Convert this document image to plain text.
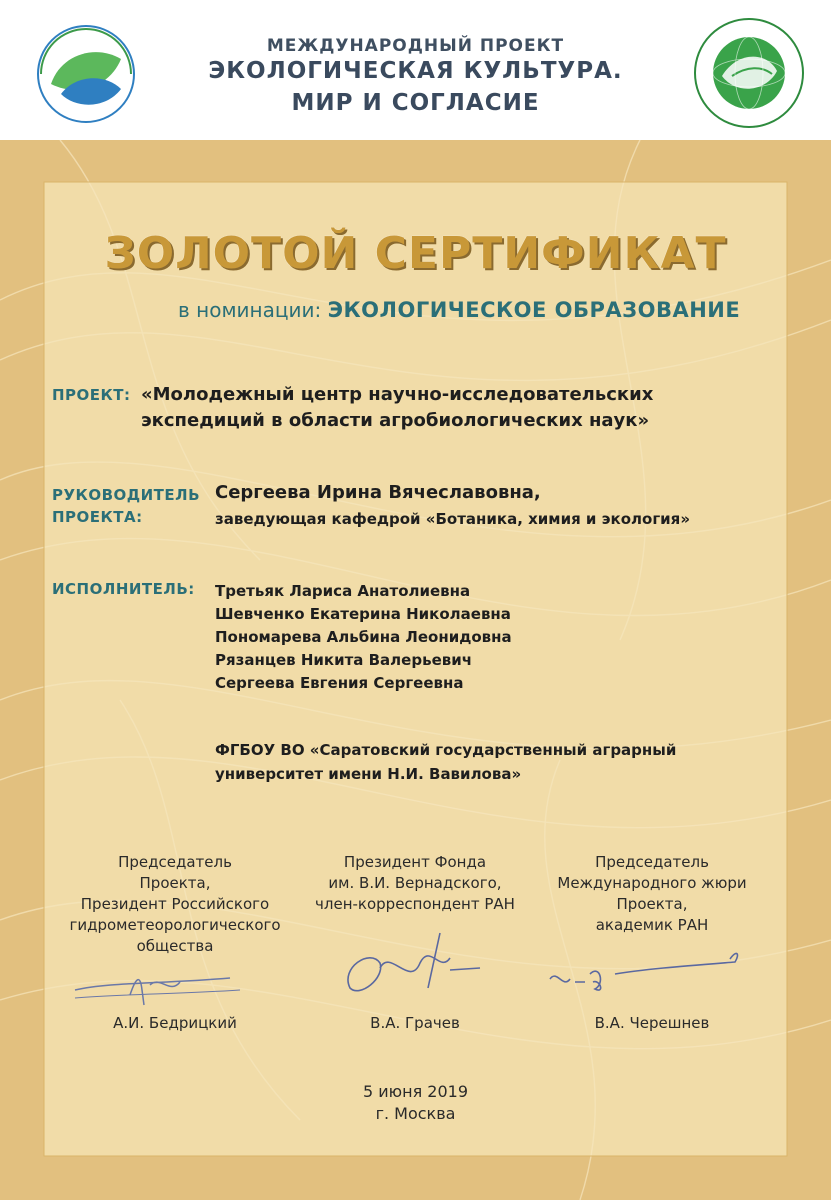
МЕЖДУНАРОДНЫЙ ПРОЕКТ
ЭКОЛОГИЧЕСКАЯ КУЛЬТУРА.
МИР И СОГЛАСИЕ
ЗОЛОТОЙ СЕРТИФИКАТ
в номинации: ЭКОЛОГИЧЕСКОЕ ОБРАЗОВАНИЕ
ПРОЕКТ: «Молодежный центр научно-исследовательских
экспедиций в области агробиологических наук»
РУКОВОДИТЕЛЬ
ПРОЕКТА:
Сергеева Ирина Вячеславовна,
заведующая кафедрой «Ботаника, химия и экология»
ИСПОЛНИТЕЛЬ: Третьяк Лариса Анатолиевна
Шевченко Екатерина Николаевна
Пономарева Альбина Леонидовна
Рязанцев Никита Валерьевич
Сергеева Евгения Сергеевна
ФГБОУ ВО «Саратовский государственный аграрный
университет имени Н.И. Вавилова»
Председатель
Проекта,
Президент Российского
гидрометеорологического
общества
Президент Фонда
им. В.И. Вернадского,
член-корреспондент РАН
Председатель
Международного жюри
Проекта,
академик РАН
А.И. Бедрицкий	В.А. Грачев	В.А. Черешнев
5 июня 2019
г. Москва
